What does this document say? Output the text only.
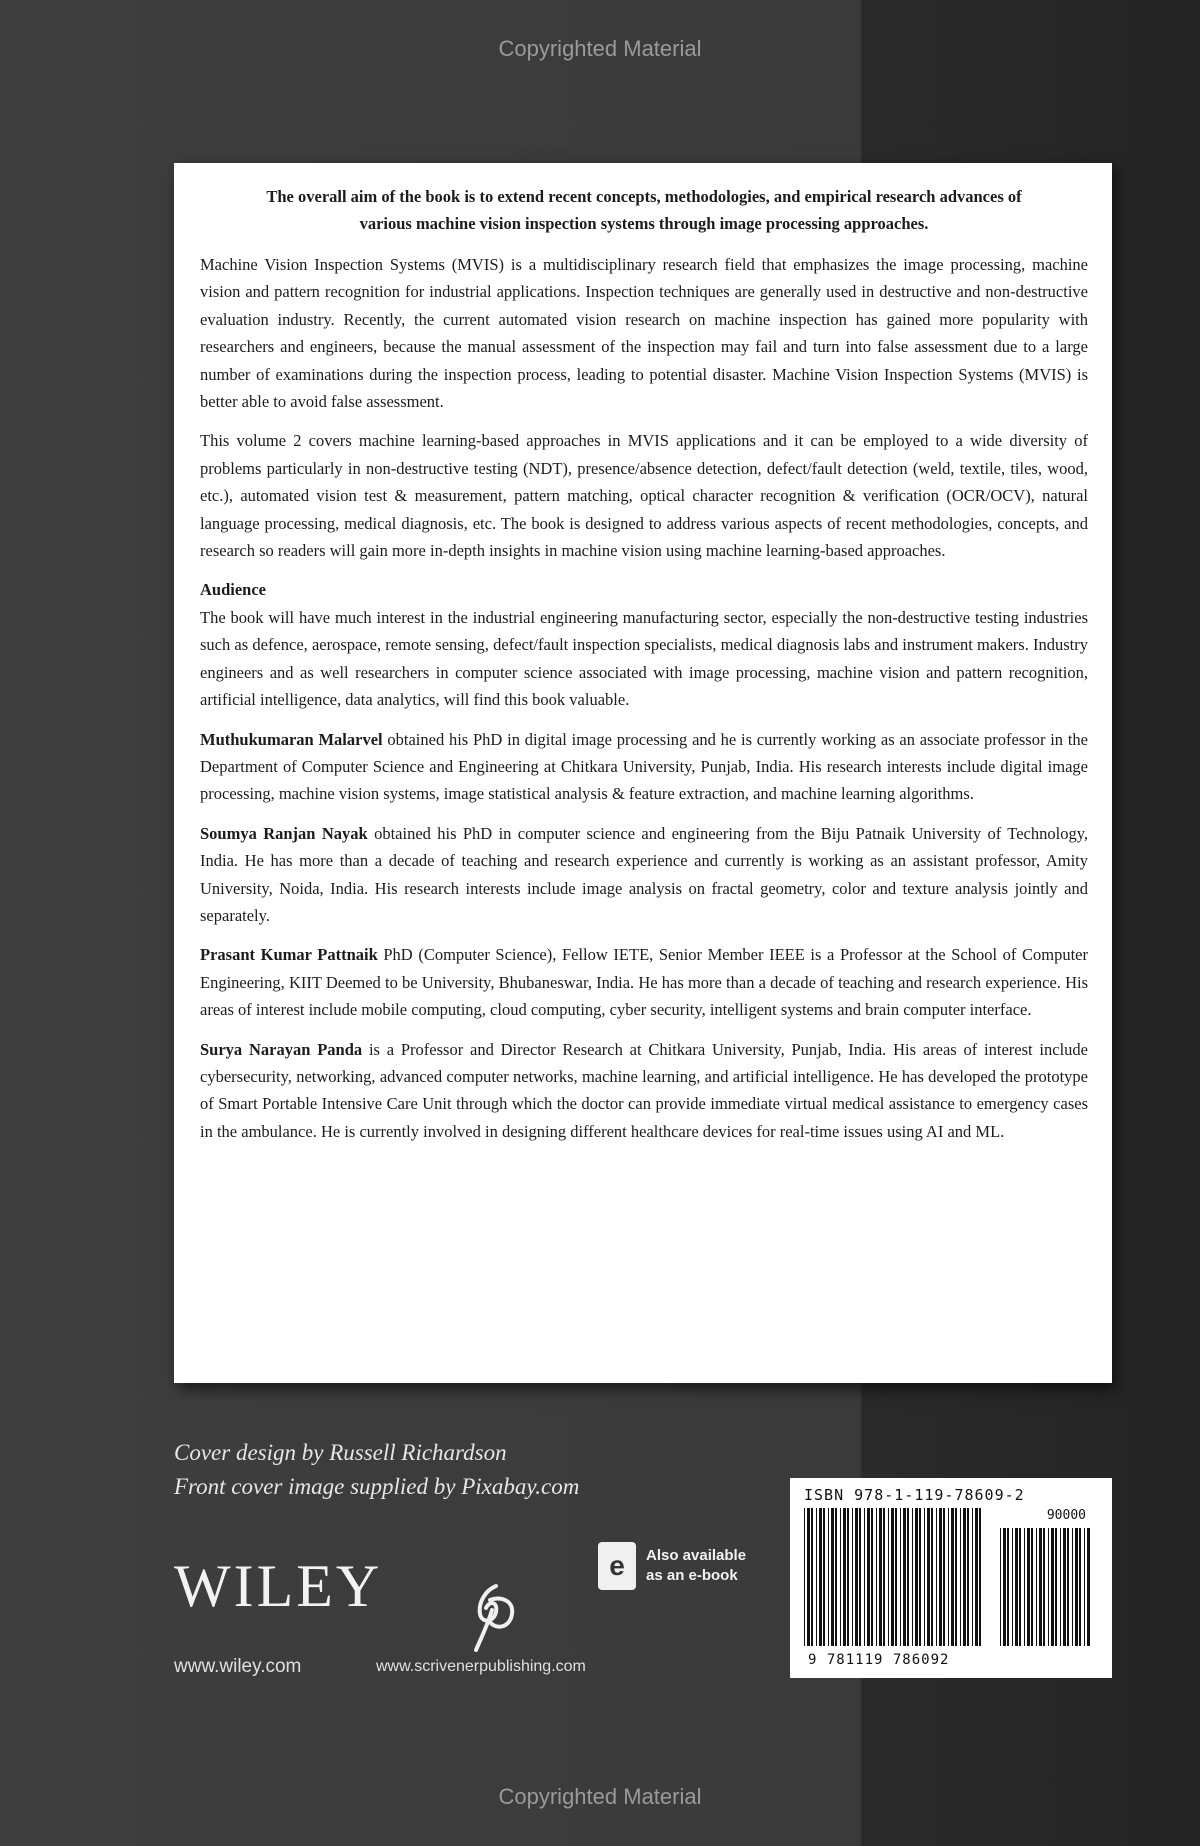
Copyrighted Material
The overall aim of the book is to extend recent concepts, methodologies, and empirical research advances of various machine vision inspection systems through image processing approaches.

Machine Vision Inspection Systems (MVIS) is a multidisciplinary research field that emphasizes the image processing, machine vision and pattern recognition for industrial applications. Inspection techniques are generally used in destructive and non-destructive evaluation industry. Recently, the current automated vision research on machine inspection has gained more popularity with researchers and engineers, because the manual assessment of the inspection may fail and turn into false assessment due to a large number of examinations during the inspection process, leading to potential disaster. Machine Vision Inspection Systems (MVIS) is better able to avoid false assessment.

This volume 2 covers machine learning-based approaches in MVIS applications and it can be employed to a wide diversity of problems particularly in non-destructive testing (NDT), presence/absence detection, defect/fault detection (weld, textile, tiles, wood, etc.), automated vision test & measurement, pattern matching, optical character recognition & verification (OCR/OCV), natural language processing, medical diagnosis, etc. The book is designed to address various aspects of recent methodologies, concepts, and research so readers will gain more in-depth insights in machine vision using machine learning-based approaches.

Audience
The book will have much interest in the industrial engineering manufacturing sector, especially the non-destructive testing industries such as defence, aerospace, remote sensing, defect/fault inspection specialists, medical diagnosis labs and instrument makers. Industry engineers and as well researchers in computer science associated with image processing, machine vision and pattern recognition, artificial intelligence, data analytics, will find this book valuable.

Muthukumaran Malarvel obtained his PhD in digital image processing and he is currently working as an associate professor in the Department of Computer Science and Engineering at Chitkara University, Punjab, India. His research interests include digital image processing, machine vision systems, image statistical analysis & feature extraction, and machine learning algorithms.

Soumya Ranjan Nayak obtained his PhD in computer science and engineering from the Biju Patnaik University of Technology, India. He has more than a decade of teaching and research experience and currently is working as an assistant professor, Amity University, Noida, India. His research interests include image analysis on fractal geometry, color and texture analysis jointly and separately.

Prasant Kumar Pattnaik PhD (Computer Science), Fellow IETE, Senior Member IEEE is a Professor at the School of Computer Engineering, KIIT Deemed to be University, Bhubaneswar, India. He has more than a decade of teaching and research experience. His areas of interest include mobile computing, cloud computing, cyber security, intelligent systems and brain computer interface.

Surya Narayan Panda is a Professor and Director Research at Chitkara University, Punjab, India. His areas of interest include cybersecurity, networking, advanced computer networks, machine learning, and artificial intelligence. He has developed the prototype of Smart Portable Intensive Care Unit through which the doctor can provide immediate virtual medical assistance to emergency cases in the ambulance. He is currently involved in designing different healthcare devices for real-time issues using AI and ML.

Cover design by Russell Richardson
Front cover image supplied by Pixabay.com
WILEY
www.wiley.com	www.scrivenerpublishing.com
e	Also available
as an e-book
ISBN 978-1-119-78609-2
90000
9 781119 786092
Copyrighted Material
